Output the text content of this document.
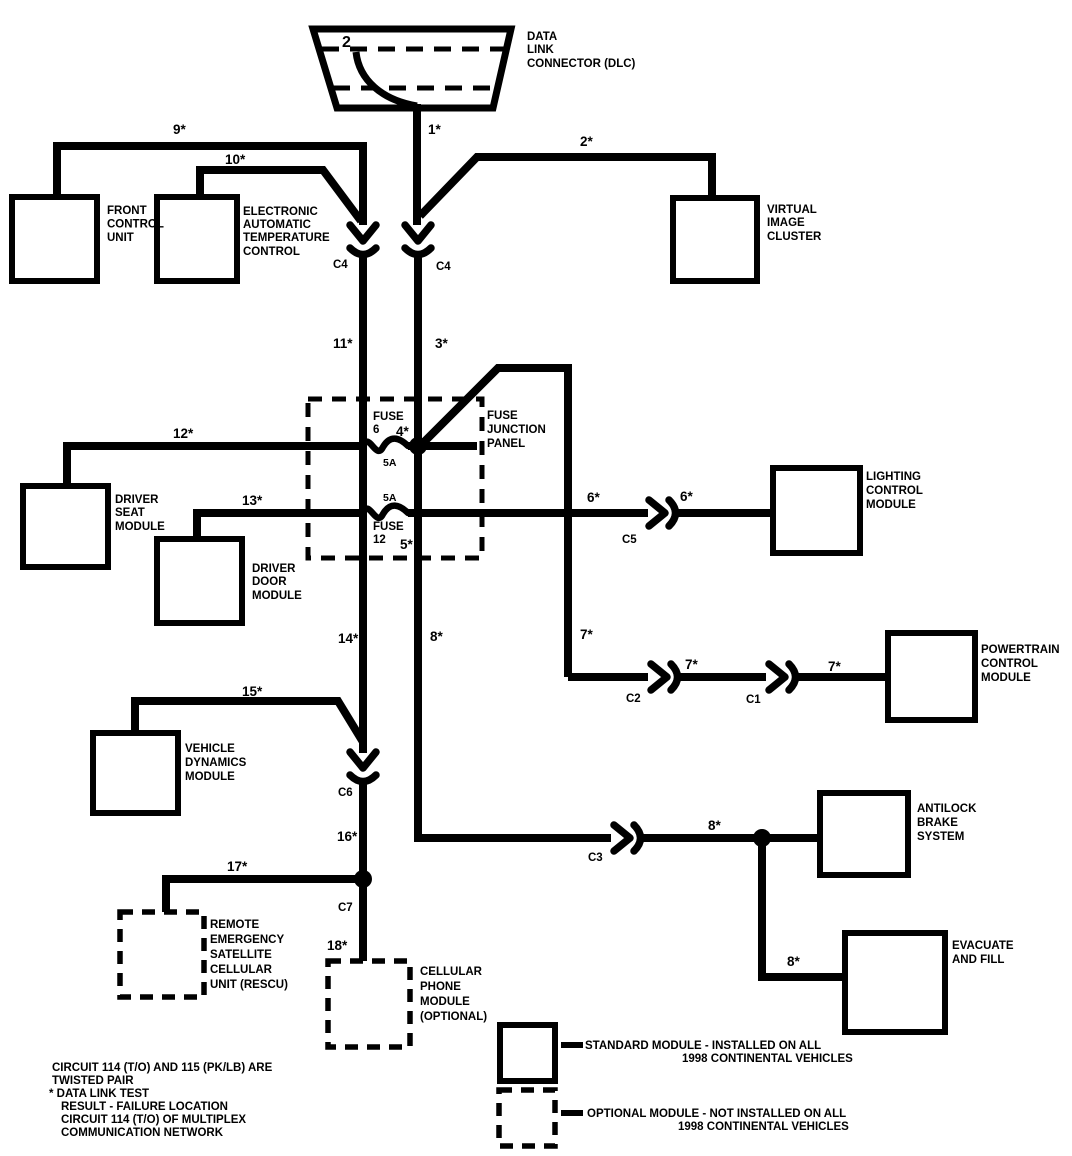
2	DATA
LINK
CONNECTOR (DLC)
1*
2*
3*
4*
5*
6*	6*
7*
7*	7*
8*
8*
8*
9*
10*
11*
12*
13*
14*
15*
16*
17*
18*
C4	C4
C5
C2	C1
C3
C6
C7
FUSE
6
5A
5A
FUSE
12
FUSE
JUNCTION
PANEL
FRONT
CONTROL
UNIT
ELECTRONIC
AUTOMATIC
TEMPERATURE
CONTROL
VIRTUAL
IMAGE
CLUSTER
DRIVER
SEAT
MODULE
DRIVER
DOOR
MODULE
LIGHTING
CONTROL
MODULE
POWERTRAIN
CONTROL
MODULE
VEHICLE
DYNAMICS
MODULE
ANTILOCK
BRAKE
SYSTEM
EVACUATE
AND FILL
REMOTE
EMERGENCY
SATELLITE
CELLULAR
UNIT (RESCU)
CELLULAR
PHONE
MODULE
(OPTIONAL)
STANDARD MODULE - INSTALLED ON ALL
1998 CONTINENTAL VEHICLES
OPTIONAL MODULE - NOT INSTALLED ON ALL
1998 CONTINENTAL VEHICLES
CIRCUIT 114 (T/O) AND 115 (PK/LB) ARE
TWISTED PAIR
* DATA LINK TEST
RESULT - FAILURE LOCATION
CIRCUIT 114 (T/O) OF MULTIPLEX
COMMUNICATION NETWORK
